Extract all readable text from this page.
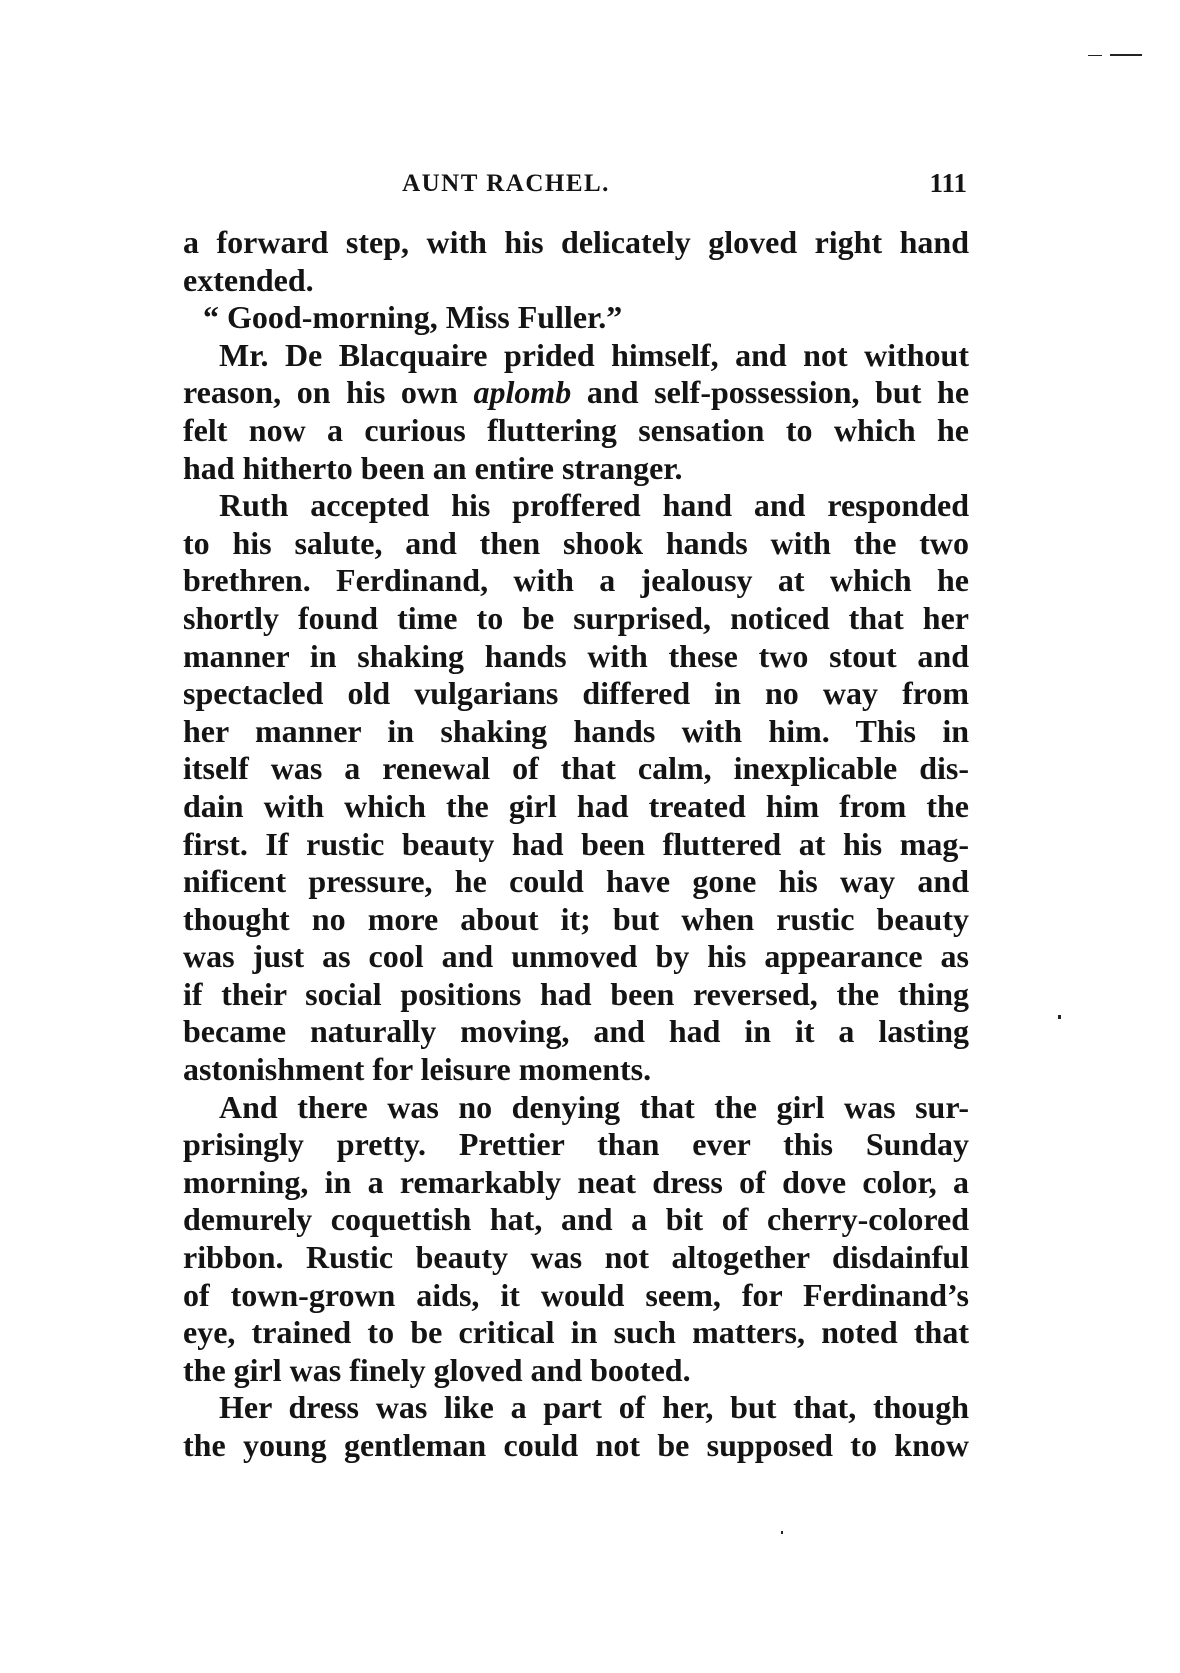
AUNT RACHEL.	111
a forward step, with his delicately gloved right hand
extended.
“ Good-morning, Miss Fuller.”
Mr. De Blacquaire prided himself, and not without
reason, on his own aplomb and self-possession, but he
felt now a curious fluttering sensation to which he
had hitherto been an entire stranger.
Ruth accepted his proffered hand and responded
to his salute, and then shook hands with the two
brethren. Ferdinand, with a jealousy at which he
shortly found time to be surprised, noticed that her
manner in shaking hands with these two stout and
spectacled old vulgarians differed in no way from
her manner in shaking hands with him. This in
itself was a renewal of that calm, inexplicable dis-
dain with which the girl had treated him from the
first. If rustic beauty had been fluttered at his mag-
nificent pressure, he could have gone his way and
thought no more about it; but when rustic beauty
was just as cool and unmoved by his appearance as
if their social positions had been reversed, the thing
became naturally moving, and had in it a lasting
astonishment for leisure moments.
And there was no denying that the girl was sur-
prisingly pretty. Prettier than ever this Sunday
morning, in a remarkably neat dress of dove color, a
demurely coquettish hat, and a bit of cherry-colored
ribbon. Rustic beauty was not altogether disdainful
of town-grown aids, it would seem, for Ferdinand’s
eye, trained to be critical in such matters, noted that
the girl was finely gloved and booted.
Her dress was like a part of her, but that, though
the young gentleman could not be supposed to know
